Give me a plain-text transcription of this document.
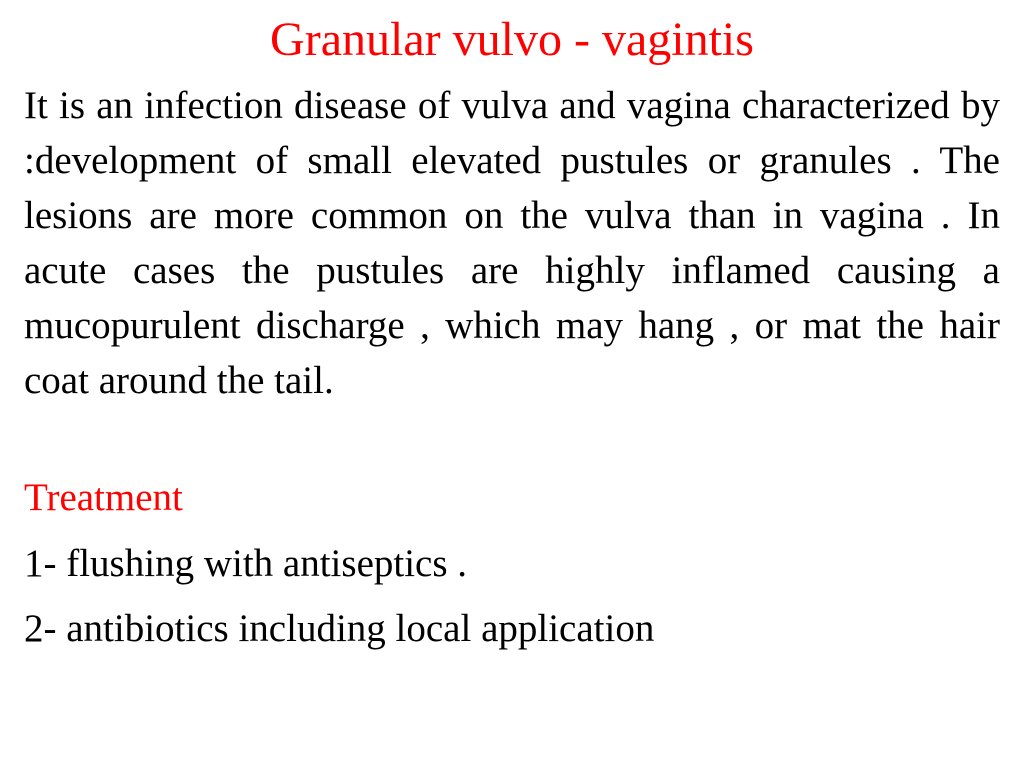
Granular vulvo - vagintis

It is an infection disease of vulva and vagina characterized by :development of small elevated pustules or granules . The lesions are more common on the vulva than in vagina . In acute cases the pustules are highly inflamed causing a mucopurulent discharge , which may hang , or mat the hair coat around the tail.

Treatment

1- flushing with antiseptics .

2- antibiotics including local application
